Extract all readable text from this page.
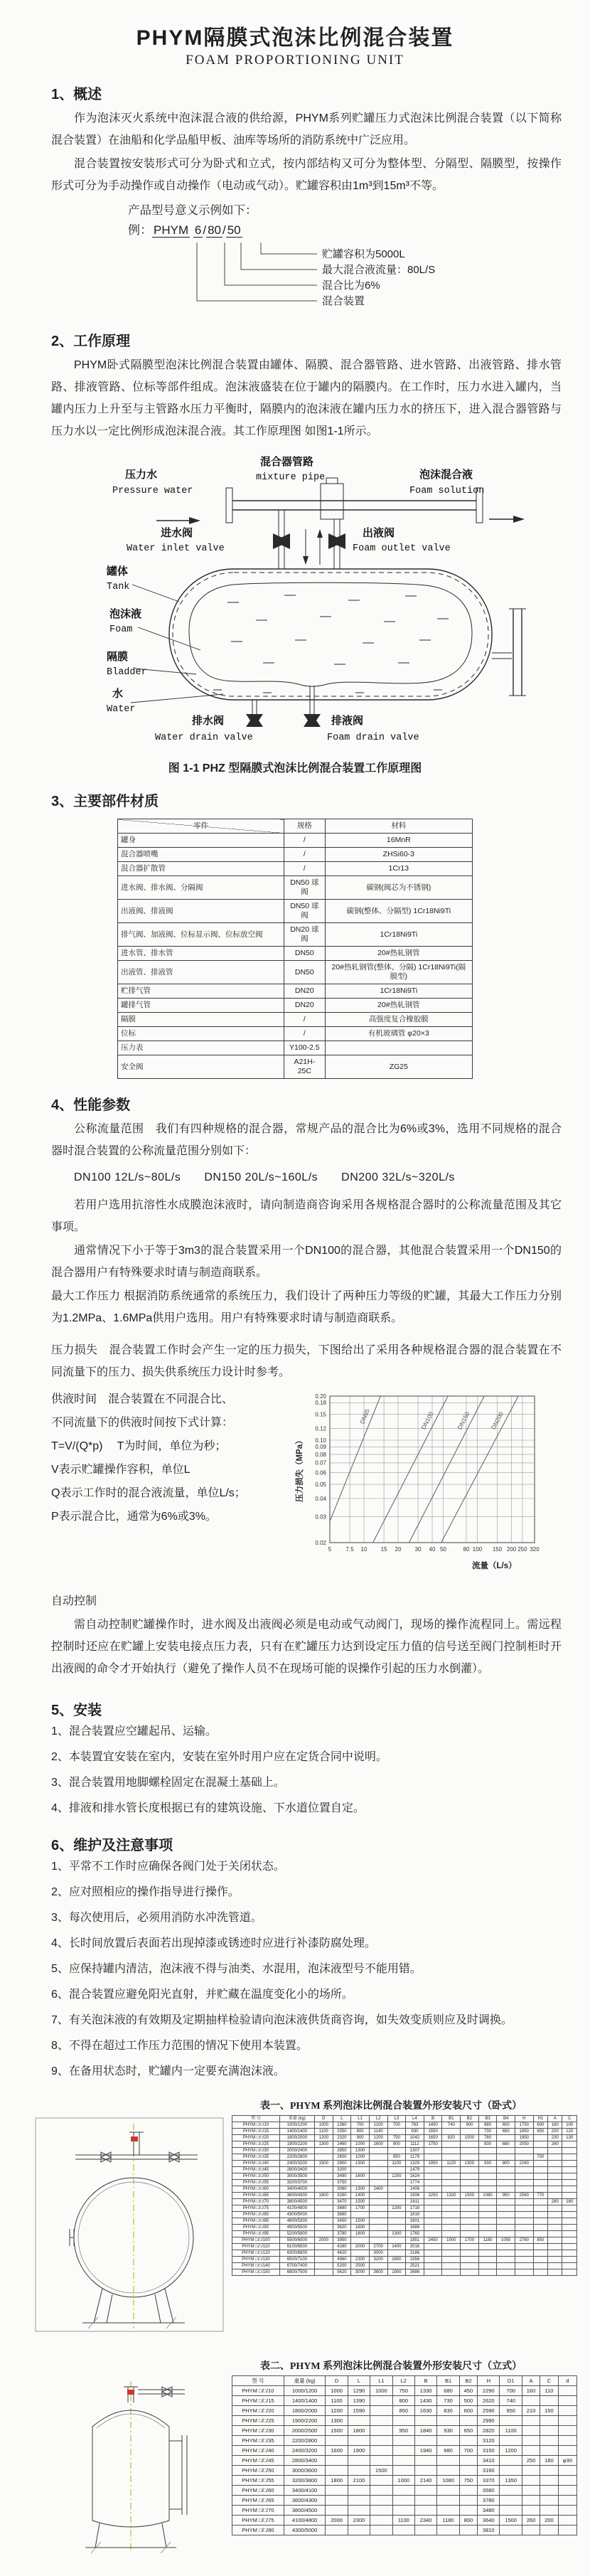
PHYM隔膜式泡沫比例混合装置
FOAM PROPORTIONING UNIT
1、概述
作为泡沫灭火系统中泡沫混合液的供给源，PHYM系列贮罐压力式泡沫比例混合装置（以下简称混合装置）在油船和化学品船甲板、油库等场所的消防系统中广泛应用。
混合装置按安装形式可分为卧式和立式，按内部结构又可分为整体型、分隔型、隔膜型，按操作形式可分为手动操作或自动操作（电动或气动）。贮罐容积由1m³到15m³不等。
产品型号意义示例如下：
例： PHYM 6 / 80 / 50
贮罐容积为5000L
最大混合液流量：80L/S
混合比为6%
混合装置
2、工作原理
PHYM卧式隔膜型泡沫比例混合装置由罐体、隔膜、混合器管路、进水管路、出液管路、排水管路、排液管路、位标等部件组成。泡沫液盛装在位于罐内的隔膜内。在工作时，压力水进入罐内，当罐内压力上升至与主管路水压力平衡时，隔膜内的泡沫液在罐内压力水的挤压下，进入混合器管路与压力水以一定比例形成泡沫混合液。其工作原理图 如图1-1所示。
混合器管路
mixture pipe
压力水
Pressure water
泡沫混合液
Foam solution
进水阀
Water inlet valve
出液阀
Foam outlet valve
罐体
Tank
泡沫液
Foam
隔膜
Bladder
水
Water
排水阀
Water drain valve
排液阀
Foam drain valve
图 1-1 PHZ 型隔膜式泡沫比例混合装置工作原理图
3、主要部件材质
零件	规格	材料
罐身	/	16MnR
混合器喷嘴	/	ZHSi60-3
混合器扩散管	/	1Cr13
进水阀、排水阀、分隔阀	DN50 球阀	碳钢(阀芯为不锈钢)
出液阀、排液阀	DN50 球阀	碳钢(整体、分隔型) 1Cr18Ni9Ti
排气阀、加液阀、位标显示阀、位标放空阀	DN20 球阀	1Cr18Ni9Ti
进水管、排水管	DN50	20#热轧钢管
出液管、排液管	DN50	20#热轧钢管(整体、分隔) 1Cr18Ni9Ti(隔膜型)
贮排气管	DN20	1Cr18Ni9Ti
罐排气管	DN20	20#热轧钢管
隔膜	/	高强度复合橡胶膜
位标	/	有机玻璃管 φ20×3
压力表	Y100-2.5	
安全阀	A21H-25C	ZG25
4、性能参数
公称流量范围　我们有四种规格的混合器，常规产品的混合比为6%或3%，选用不同规格的混合器时混合装置的公称流量范围分别如下：
DN100 12L/s~80L/s　　DN150 20L/s~160L/s　　DN200 32L/s~320L/s
若用户选用抗溶性水成膜泡沫液时，请向制造商咨询采用各规格混合器时的公称流量范围及其它事项。
通常情况下小于等于3m3的混合装置采用一个DN100的混合器，其他混合装置采用一个DN150的混合器用户有特殊要求时请与制造商联系。
最大工作压力 根据消防系统通常的系统压力，我们设计了两种压力等级的贮罐，其最大工作压力分别为1.2MPa、1.6MPa供用户选用。用户有特殊要求时请与制造商联系。
压力损失　混合装置工作时会产生一定的压力损失，下图给出了采用各种规格混合器的混合装置在不同流量下的压力、损失供系统压力设计时参考。
供液时间　混合装置在不同混合比、
不同流量下的供液时间按下式计算：
T=V/(Q*p)　 T为时间，单位为秒；
V表示贮罐操作容积，单位L
Q表示工作时的混合液流量，单位L/s；
P表示混合比，通常为6%或3%。
5	7.5 10 15 20 30 40 50	80 100 150 200 250 320
0.02
0.03
0.04
0.05
0.06
0.07
0.08
0.09
0.10
0.12
0.15
0.18
0.20
DN65	DN100	DN150	DN200
压力损失（MPa）
流量（L/s）
自动控制
需自动控制贮罐操作时，进水阀及出液阀必须是电动或气动阀门，现场的操作流程同上。需远程控制时还应在贮罐上安装电接点压力表，只有在贮罐压力达到设定压力值的信号送至阀门控制柜时开出液阀的命令才开始执行（避免了操作人员不在现场可能的误操作引起的压力水倒灌）。
5、安装
1、混合装置应空罐起吊、运输。
2、本装置宜安装在室内，安装在室外时用户应在定货合同中说明。
3、混合装置用地脚螺栓固定在混凝土基础上。
4、排液和排水管长度根据已有的建筑设施、下水道位置自定。
6、维护及注意事项
1、平常不工作时应确保各阀门处于关闭状态。
2、应对照相应的操作指导进行操作。
3、每次使用后，必须用消防水冲洗管道。
4、长时间放置后表面若出现掉漆或锈迹时应进行补漆防腐处理。
5、应保持罐内清洁，泡沫液不得与油类、水混用，泡沫液型号不能用错。
6、混合装置应避免阳光直射，并贮藏在温度变化小的场所。
7、有关泡沫液的有效期及定期抽样检验请向泡沫液供货商咨询，如失效变质则应及时调换。
8、不得在超过工作压力范围的情况下使用本装置。
9、在备用状态时，贮罐内一定要充满泡沫液。
表一、PHYM 系列泡沫比例混合装置外形安装尺寸（卧式）
型 号	重量 (kg)	D	L	L1	L2	L3	L4	B	B1	B2	B3	B4	H	H1	A	C
PHYM □/□/10	1000/1200	1000	1360	700	1100	700	763	1450	740	900	680	600	1750	600	180	100
PHYM □/□/15	1400/1400	1100	2050	800	1140		930	1550			730	650	1850	650	200	120
PHYM □/□/20	1800/2000	1200	2320	900	1200	750	1042	1650	820	1000	780		1950		230	130
PHYM □/□/25	1900/2200	1300	2460	1000	1600	900	1112	1750			830	680	2050		260	
PHYM □/□/30	2000/2400		2850	1300			1307									
PHYM □/□/35	2200/2800		2600	1000		950	1179							700		
PHYM □/□/40	2400/3200	1500	2900	1300		1100	1329	1950	1120	1300	930	800	2260			
PHYM □/□/45	2800/3400		3200				1479									
PHYM □/□/50	3000/3500		3490	1600		1250	1624									
PHYM □/□/55	3200/3700		3750				1774									
PHYM □/□/60	3400/4000		3060	1300	2400		1406									
PHYM □/□/65	3600/4300	1800	3260	1400			1506	2250	1320	1500	1080	950	2560	770		
PHYM □/□/70	3800/4500		3470	1500			1611								280	160
PHYM □/□/75	4100/4800		3680	1700		1200	1716									
PHYM □/□/80	4300/5000		3880				1816									
PHYM □/□/85	4600/5300		3450	1500			1601									
PHYM □/□/90	4900/5500		3620	1600			1686									
PHYM □/□/95	5200/5800		3780	1800		1300	1765									
PHYM □/□/100	5500/6000	2000	3950				1851	2450	1500	1700	1180	1050	2760	850		
PHYM □/□/110	6100/6500		4280	2000	2700	1400	2016									
PHYM □/□/120	6300/6800		4620		3000		2186									
PHYM □/□/130	6500/7100		4960	2300	3200	1650	2356									
PHYM □/□/140	6700/7400		5200	2500			2521									
PHYM □/□/150	6800/7500		5620	3000	3600	1900	2686									
表二、PHYM 系列泡沫比例混合装置外形安装尺寸（立式）
型 号	重量 (kg)	D	L	L1	L2	B	B1	B2	H	D1	A	C	d
PHYM □/□/10	1000/1200	1000	1290	1000	750	1330	680	450	2290	700	160	110	
PHYM □/□/15	1400/1400	1100	1390		800	1430	730	500	2620	740			
PHYM □/□/20	1800/2000	1200	1590		850	1630	830	600	2590	950	210	150	
PHYM □/□/25	1900/2200	1300							2990				
PHYM □/□/30	2000/2500	1500	1800		950	1840	930	650	2820	1100			
PHYM □/□/35	2200/2800								3120				
PHYM □/□/40	2400/3200	1600	1900			1940	980	700	3150	1200			
PHYM □/□/45	2800/3400								3410		250	180	φ30
PHYM □/□/50	3000/3600			1500					3160				
PHYM □/□/55	3200/3800	1800	2100		1000	2140	1080	750	3370	1350			
PHYM □/□/60	3400/4100								3580				
PHYM □/□/65	3600/4300								3780				
PHYM □/□/70	3800/4500								3480				
PHYM □/□/75	4100/4800	2000	2300		1100	2340	1180	800	3640	1500	260	200	
PHYM □/□/80	4300/5000								3810				
